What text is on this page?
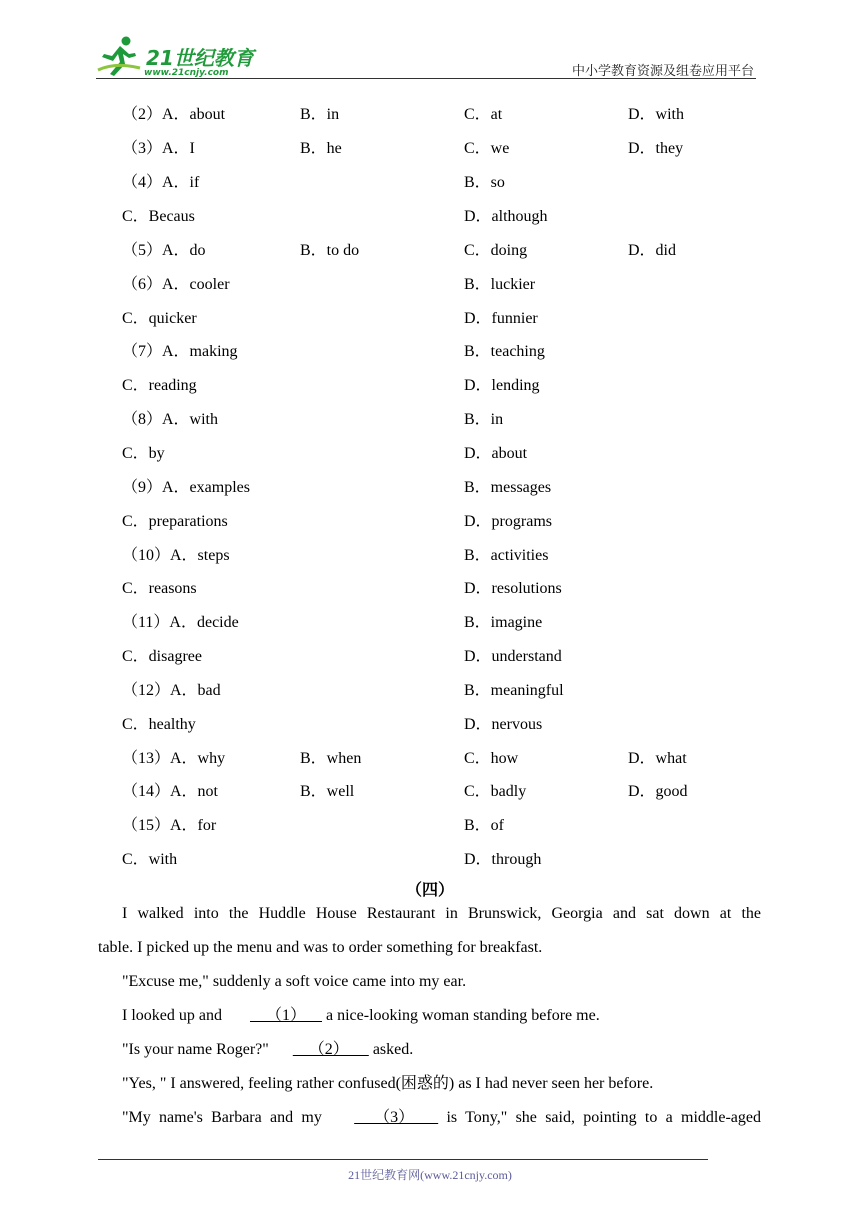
21世纪教育
www.21cnjy.com	中小学教育资源及组卷应用平台
（2）A．about	B．in	C．at	D．with
（3）A．I	B．he	C．we	D．they
（4）A．if	B．so
C．Becaus	D．although
（5）A．do	B．to do	C．doing	D．did
（6）A．cooler	B．luckier
C．quicker	D．funnier
（7）A．making	B．teaching
C．reading	D．lending
（8）A．with	B．in
C．by	D．about
（9）A．examples	B．messages
C．preparations	D．programs
（10）A．steps	B．activities
C．reasons	D．resolutions
（11）A．decide	B．imagine
C．disagree	D．understand
（12）A．bad	B．meaningful
C．healthy	D．nervous
（13）A．why	B．when	C．how	D．what
（14）A．not	B．well	C．badly	D．good
（15）A．for	B．of
C．with	D．through
（四）
I walked into the Huddle House Restaurant in Brunswick, Georgia and sat down at the
table. I picked up the menu and was to order something for breakfast.
"Excuse me," suddenly a soft voice came into my ear.
I looked up and     （1）     a nice-looking woman standing before me.
"Is your name Roger?"    （2）      asked.
"Yes, " I answered, feeling rather confused(困惑的) as I had never seen her before.
"My name's Barbara and my      （3）       is Tony," she said, pointing to a middle-aged
21世纪教育网(www.21cnjy.com)
